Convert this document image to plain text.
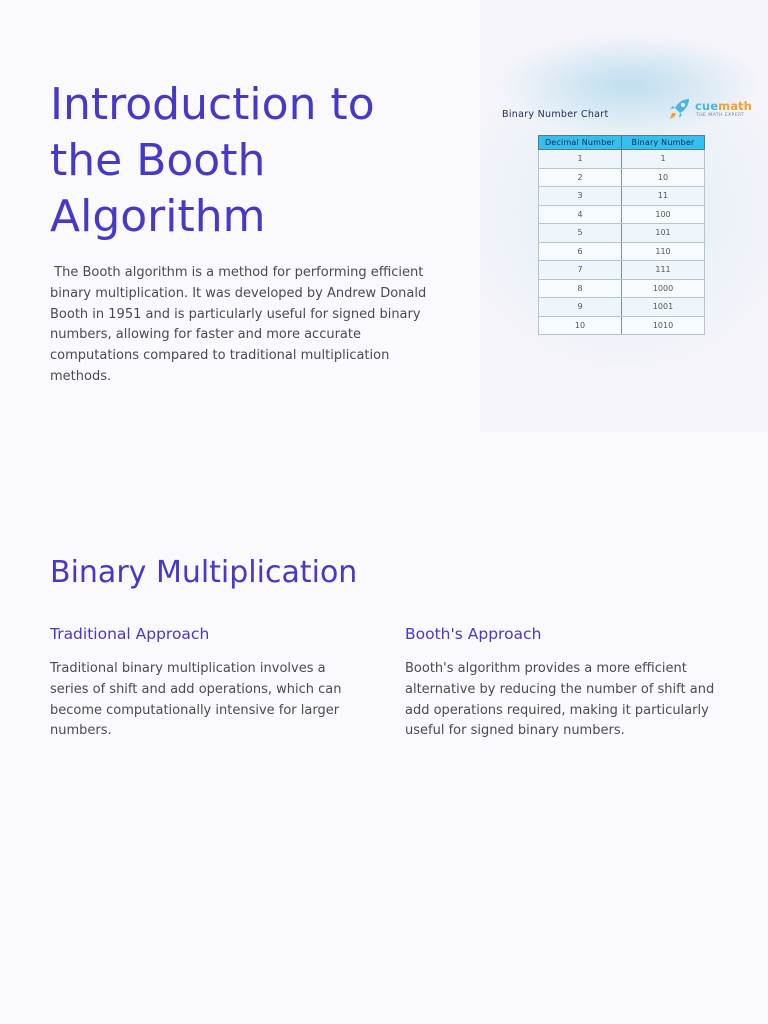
Introduction to the Booth Algorithm

The Booth algorithm is a method for performing efficient binary multiplication. It was developed by Andrew Donald Booth in 1951 and is particularly useful for signed binary numbers, allowing for faster and more accurate computations compared to traditional multiplication methods.

Binary Number Chart
cuemath
THE MATH EXPERT
Decimal Number	Binary Number
1	1
2	10
3	11
4	100
5	101
6	110
7	111
8	1000
9	1001
10	1010
Binary Multiplication
Traditional Approach

Traditional binary multiplication involves a series of shift and add operations, which can become computationally intensive for larger numbers.

Booth's Approach

Booth's algorithm provides a more efficient alternative by reducing the number of shift and add operations required, making it particularly useful for signed binary numbers.
